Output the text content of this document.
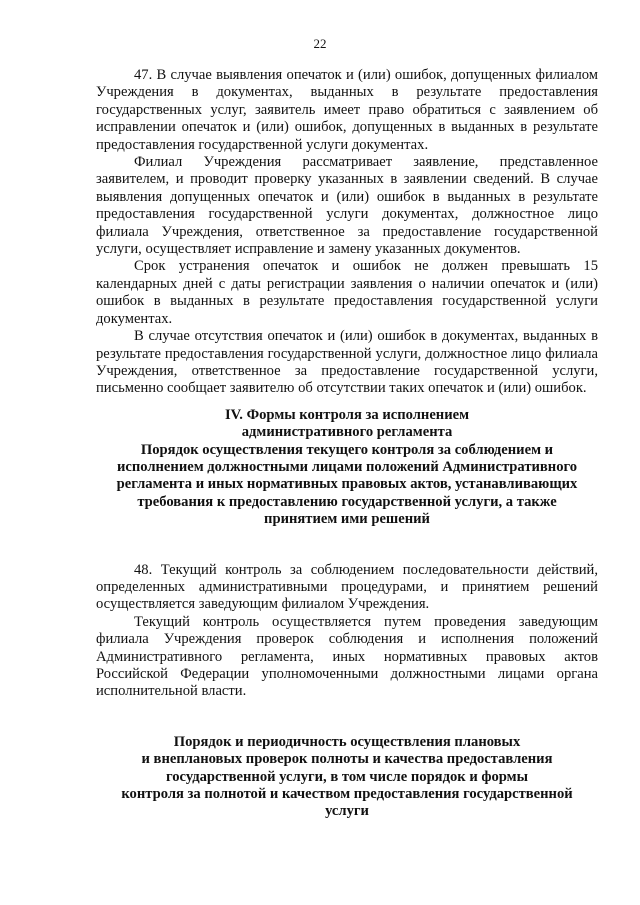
22

47. В случае выявления опечаток и (или) ошибок, допущенных филиалом Учреждения в документах, выданных в результате предоставления государственных услуг, заявитель имеет право обратиться с заявлением об исправлении опечаток и (или) ошибок, допущенных в выданных в результате предоставления государственной услуги документах.

Филиал Учреждения рассматривает заявление, представленное заявителем, и проводит проверку указанных в заявлении сведений. В случае выявления допущенных опечаток и (или) ошибок в выданных в результате предоставления государственной услуги документах, должностное лицо филиала Учреждения, ответственное за предоставление государственной услуги, осуществляет исправление и замену указанных документов.

Срок устранения опечаток и ошибок не должен превышать 15 календарных дней с даты регистрации заявления о наличии опечаток и (или) ошибок в выданных в результате предоставления государственной услуги документах.

В случае отсутствия опечаток и (или) ошибок в документах, выданных в результате предоставления государственной услуги, должностное лицо филиала Учреждения, ответственное за предоставление государственной услуги, письменно сообщает заявителю об отсутствии таких опечаток и (или) ошибок.

IV. Формы контроля за исполнением
административного регламента
Порядок осуществления текущего контроля за соблюдением и
исполнением должностными лицами положений Административного
регламента и иных нормативных правовых актов, устанавливающих
требования к предоставлению государственной услуги, а также
принятием ими решений

48. Текущий контроль за соблюдением последовательности действий, определенных административными процедурами, и принятием решений осуществляется заведующим филиалом Учреждения.

Текущий контроль осуществляется путем проведения заведующим филиала Учреждения проверок соблюдения и исполнения положений Административного регламента, иных нормативных правовых актов Российской Федерации уполномоченными должностными лицами органа исполнительной власти.

Порядок и периодичность осуществления плановых
и внеплановых проверок полноты и качества предоставления
государственной услуги, в том числе порядок и формы
контроля за полнотой и качеством предоставления государственной
услуги
